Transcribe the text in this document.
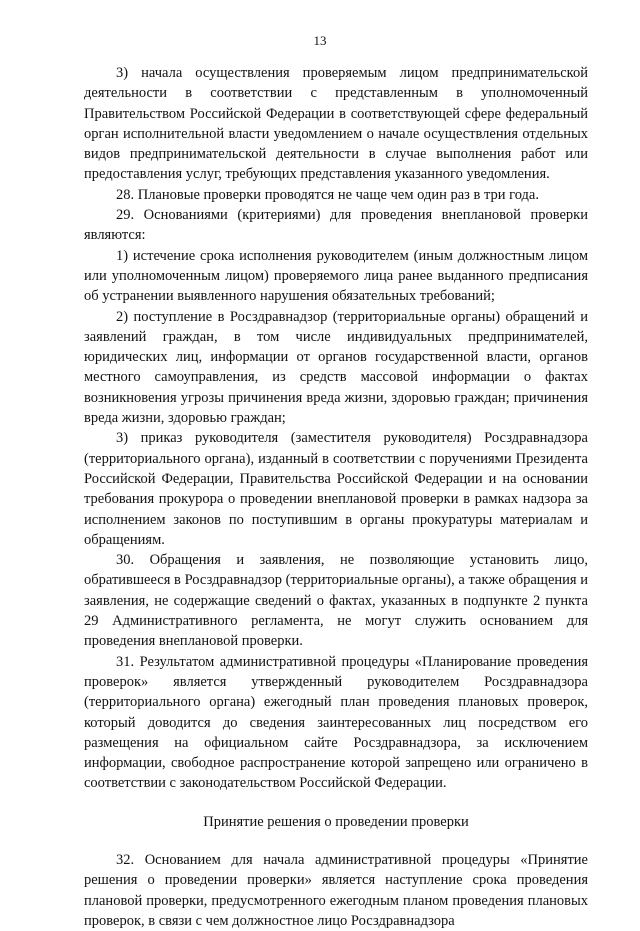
13

3) начала осуществления проверяемым лицом предпринимательской деятельности в соответствии с представленным в уполномоченный Правительством Российской Федерации в соответствующей сфере федеральный орган исполнительной власти уведомлением о начале осуществления отдельных видов предпринимательской деятельности в случае выполнения работ или предоставления услуг, требующих представления указанного уведомления.

28. Плановые проверки проводятся не чаще чем один раз в три года.

29. Основаниями (критериями) для проведения внеплановой проверки являются:

1) истечение срока исполнения руководителем (иным должностным лицом или уполномоченным лицом) проверяемого лица ранее выданного предписания об устранении выявленного нарушения обязательных требований;

2) поступление в Росздравнадзор (территориальные органы) обращений и заявлений граждан, в том числе индивидуальных предпринимателей, юридических лиц, информации от органов государственной власти, органов местного самоуправления, из средств массовой информации о фактах возникновения угрозы причинения вреда жизни, здоровью граждан; причинения вреда жизни, здоровью граждан;

3) приказ руководителя (заместителя руководителя) Росздравнадзора (территориального органа), изданный в соответствии с поручениями Президента Российской Федерации, Правительства Российской Федерации и на основании требования прокурора о проведении внеплановой проверки в рамках надзора за исполнением законов по поступившим в органы прокуратуры материалам и обращениям.

30. Обращения и заявления, не позволяющие установить лицо, обратившееся в Росздравнадзор (территориальные органы), а также обращения и заявления, не содержащие сведений о фактах, указанных в подпункте 2 пункта 29 Административного регламента, не могут служить основанием для проведения внеплановой проверки.

31. Результатом административной процедуры «Планирование проведения проверок» является утвержденный руководителем Росздравнадзора (территориального органа) ежегодный план проведения плановых проверок, который доводится до сведения заинтересованных лиц посредством его размещения на официальном сайте Росздравнадзора, за исключением информации, свободное распространение которой запрещено или ограничено в соответствии с законодательством Российской Федерации.

Принятие решения о проведении проверки

32. Основанием для начала административной процедуры «Принятие решения о проведении проверки» является наступление срока проведения плановой проверки, предусмотренного ежегодным планом проведения плановых проверок, в связи с чем должностное лицо Росздравнадзора
